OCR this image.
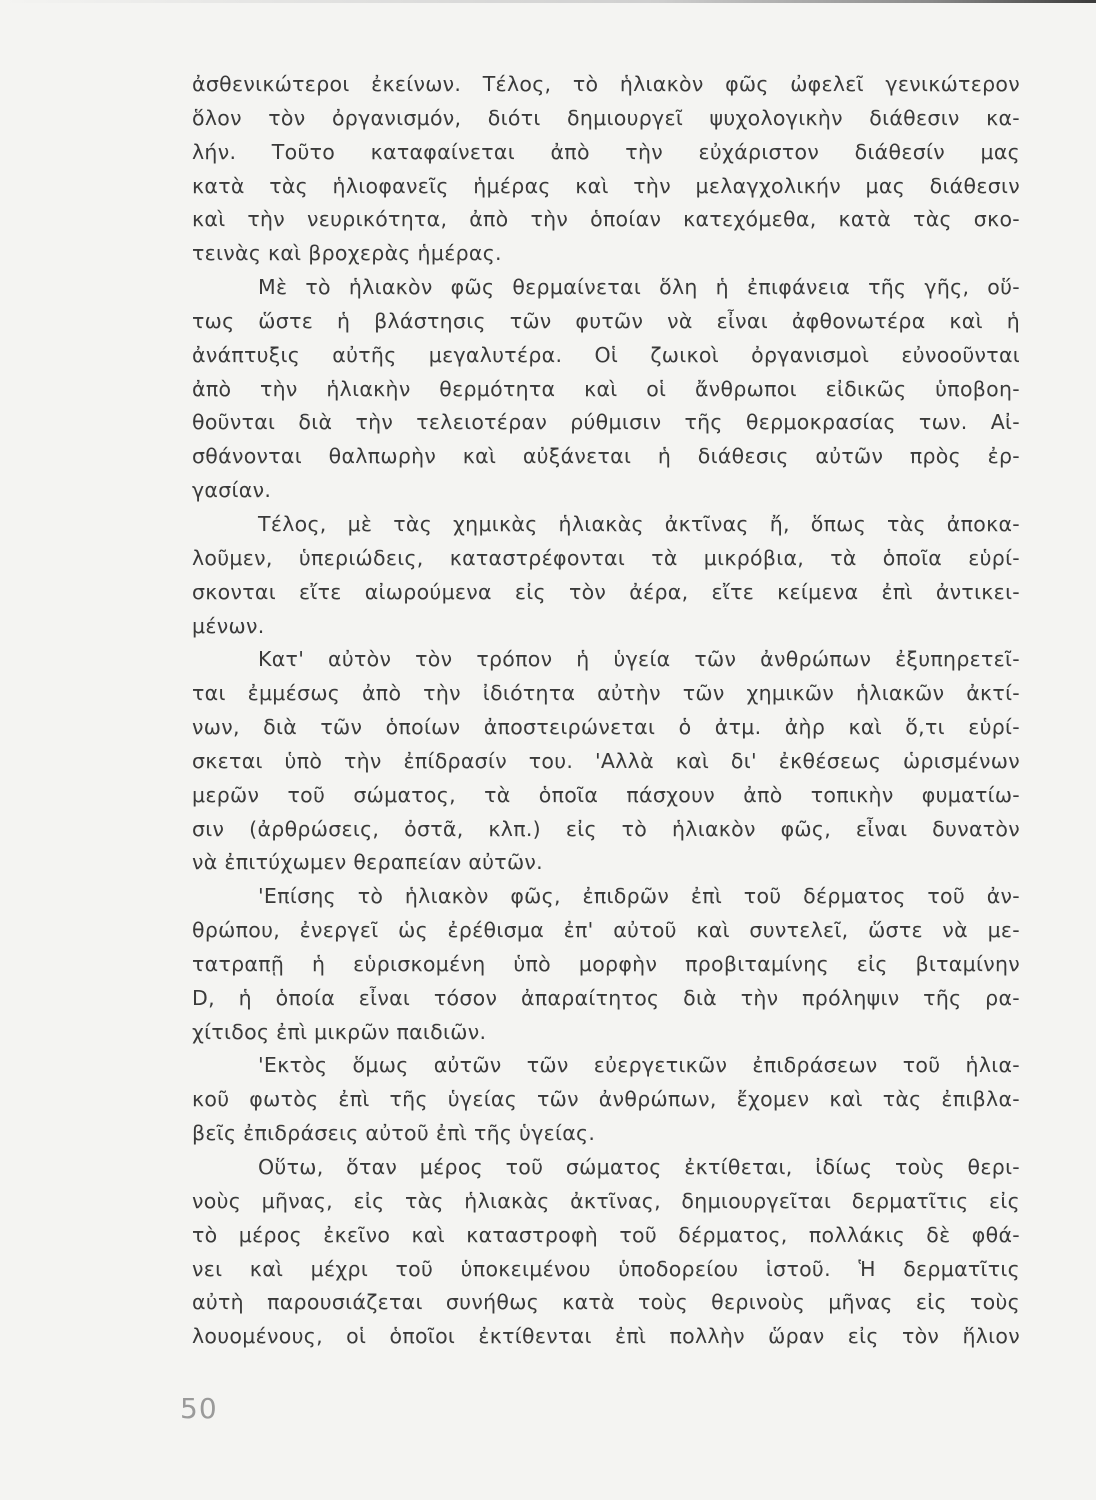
ἀσθενικώτεροι ἐκείνων. Τέλος, τὸ ἡλιακὸν φῶς ὠφελεῖ γενικώτερον
ὅλον τὸν ὀργανισμόν, διότι δημιουργεῖ ψυχολογικὴν διάθεσιν κα-
λήν. Τοῦτο καταφαίνεται ἀπὸ τὴν εὐχάριστον διάθεσίν μας
κατὰ τὰς ἡλιοφανεῖς ἡμέρας καὶ τὴν μελαγχολικήν μας διάθεσιν
καὶ τὴν νευρικότητα, ἀπὸ τὴν ὁποίαν κατεχόμεθα, κατὰ τὰς σκο-
τεινὰς καὶ βροχερὰς ἡμέρας.
Μὲ τὸ ἡλιακὸν φῶς θερμαίνεται ὅλη ἡ ἐπιφάνεια τῆς γῆς, οὕ-
τως ὥστε ἡ βλάστησις τῶν φυτῶν νὰ εἶναι ἀφθονωτέρα καὶ ἡ
ἀνάπτυξις αὐτῆς μεγαλυτέρα. Οἱ ζωικοὶ ὀργανισμοὶ εὐνοοῦνται
ἀπὸ τὴν ἡλιακὴν θερμότητα καὶ οἱ ἄνθρωποι εἰδικῶς ὑποβοη-
θοῦνται διὰ τὴν τελειοτέραν ρύθμισιν τῆς θερμοκρασίας των. Αἰ-
σθάνονται θαλπωρὴν καὶ αὐξάνεται ἡ διάθεσις αὐτῶν πρὸς ἐρ-
γασίαν.
Τέλος, μὲ τὰς χημικὰς ἡλιακὰς ἀκτῖνας ἤ, ὅπως τὰς ἀποκα-
λοῦμεν, ὑπεριώδεις, καταστρέφονται τὰ μικρόβια, τὰ ὁποῖα εὑρί-
σκονται εἴτε αἰωρούμενα εἰς τὸν ἀέρα, εἴτε κείμενα ἐπὶ ἀντικει-
μένων.
Κατ' αὐτὸν τὸν τρόπον ἡ ὑγεία τῶν ἀνθρώπων ἐξυπηρετεῖ-
ται ἐμμέσως ἀπὸ τὴν ἰδιότητα αὐτὴν τῶν χημικῶν ἡλιακῶν ἀκτί-
νων, διὰ τῶν ὁποίων ἀποστειρώνεται ὁ ἀτμ. ἀὴρ καὶ ὅ,τι εὑρί-
σκεται ὑπὸ τὴν ἐπίδρασίν του. 'Αλλὰ καὶ δι' ἐκθέσεως ὡρισμένων
μερῶν τοῦ σώματος, τὰ ὁποῖα πάσχουν ἀπὸ τοπικὴν φυματίω-
σιν (ἀρθρώσεις, ὀστᾶ, κλπ.) εἰς τὸ ἡλιακὸν φῶς, εἶναι δυνατὸν
νὰ ἐπιτύχωμεν θεραπείαν αὐτῶν.
'Επίσης τὸ ἡλιακὸν φῶς, ἐπιδρῶν ἐπὶ τοῦ δέρματος τοῦ ἀν-
θρώπου, ἐνεργεῖ ὡς ἐρέθισμα ἐπ' αὐτοῦ καὶ συντελεῖ, ὥστε νὰ με-
τατραπῇ ἡ εὑρισκομένη ὑπὸ μορφὴν προβιταμίνης εἰς βιταμίνην
D, ἡ ὁποία εἶναι τόσον ἀπαραίτητος διὰ τὴν πρόληψιν τῆς ρα-
χίτιδος ἐπὶ μικρῶν παιδιῶν.
'Εκτὸς ὅμως αὐτῶν τῶν εὐεργετικῶν ἐπιδράσεων τοῦ ἡλια-
κοῦ φωτὸς ἐπὶ τῆς ὑγείας τῶν ἀνθρώπων, ἔχομεν καὶ τὰς ἐπιβλα-
βεῖς ἐπιδράσεις αὐτοῦ ἐπὶ τῆς ὑγείας.
Οὕτω, ὅταν μέρος τοῦ σώματος ἐκτίθεται, ἰδίως τοὺς θερι-
νοὺς μῆνας, εἰς τὰς ἡλιακὰς ἀκτῖνας, δημιουργεῖται δερματῖτις εἰς
τὸ μέρος ἐκεῖνο καὶ καταστροφὴ τοῦ δέρματος, πολλάκις δὲ φθά-
νει καὶ μέχρι τοῦ ὑποκειμένου ὑποδορείου ἱστοῦ. Ἡ δερματῖτις
αὐτὴ παρουσιάζεται συνήθως κατὰ τοὺς θερινοὺς μῆνας εἰς τοὺς
λουομένους, οἱ ὁποῖοι ἐκτίθενται ἐπὶ πολλὴν ὥραν εἰς τὸν ἥλιον
50
